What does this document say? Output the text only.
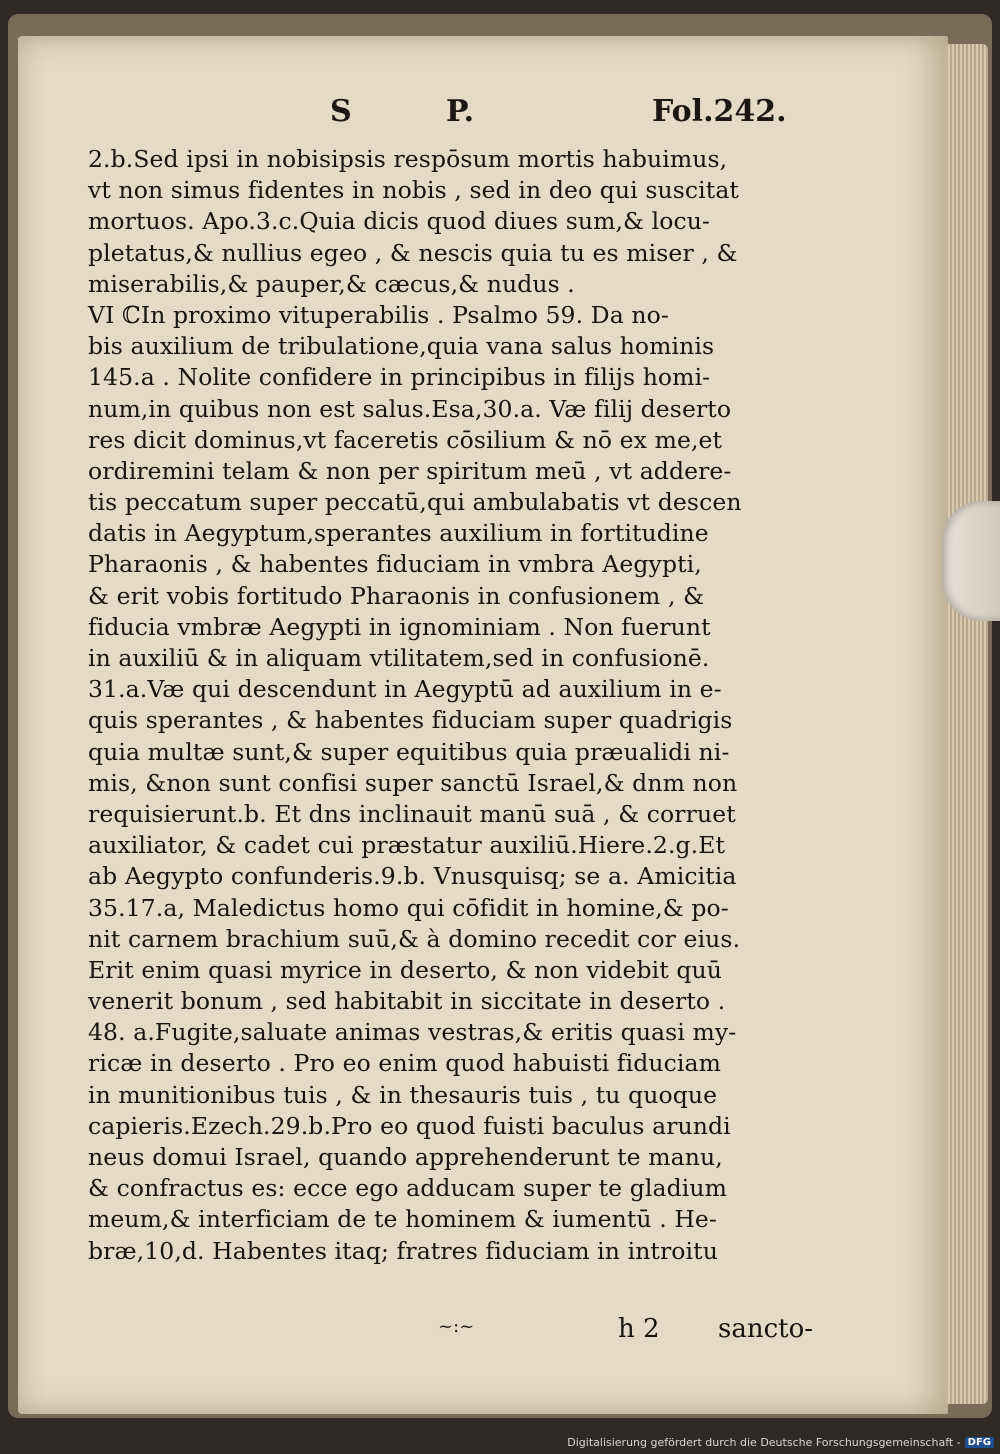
S	P.	Fol.242.
2.b.Sed ipsi in nobisipsis respōsum mortis habuimus,
vt non simus fidentes in nobis , sed in deo qui suscitat
mortuos. Apo.3.c.Quia dicis quod diues sum,& locu-
pletatus,& nullius egeo , & nescis quia tu es miser , &
miserabilis,& pauper,& cæcus,& nudus .
VI ℂIn proximo vituperabilis . Psalmo 59. Da no-
bis auxilium de tribulatione,quia vana salus hominis
145.a . Nolite confidere in principibus in filijs homi-
num,in quibus non est salus.Esa,30.a. Væ filij deserto
res dicit dominus,vt faceretis cōsilium & nō ex me,et
ordiremini telam & non per spiritum meū , vt addere-
tis peccatum super peccatū,qui ambulabatis vt descen
datis in Aegyptum,sperantes auxilium in fortitudine
Pharaonis , & habentes fiduciam in vmbra Aegypti,
& erit vobis fortitudo Pharaonis in confusionem , &
fiducia vmbræ Aegypti in ignominiam . Non fuerunt
in auxiliū & in aliquam vtilitatem,sed in confusionē.
31.a.Væ qui descendunt in Aegyptū ad auxilium in e-
quis sperantes , & habentes fiduciam super quadrigis
quia multæ sunt,& super equitibus quia præualidi ni-
mis, &non sunt confisi super sanctū Israel,& dnm non
requisierunt.b. Et dns inclinauit manū suā , & corruet
auxiliator, & cadet cui præstatur auxiliū.Hiere.2.g.Et
ab Aegypto confunderis.9.b. Vnusquisq; se a. Amicitia
35.17.a, Maledictus homo qui cōfidit in homine,& po-
nit carnem brachium suū,& à domino recedit cor eius.
Erit enim quasi myrice in deserto, & non videbit quū
venerit bonum , sed habitabit in siccitate in deserto .
48. a.Fugite,saluate animas vestras,& eritis quasi my-
ricæ in deserto . Pro eo enim quod habuisti fiduciam
in munitionibus tuis , & in thesauris tuis , tu quoque
capieris.Ezech.29.b.Pro eo quod fuisti baculus arundi
neus domui Israel, quando apprehenderunt te manu,
& confractus es: ecce ego adducam super te gladium
meum,& interficiam de te hominem & iumentū . He-
bræ,10,d. Habentes itaq; fratres fiduciam in introitu
~:~	h 2 sancto-
Digitalisierung gefördert durch die Deutsche Forschungsgemeinschaft - DFG
